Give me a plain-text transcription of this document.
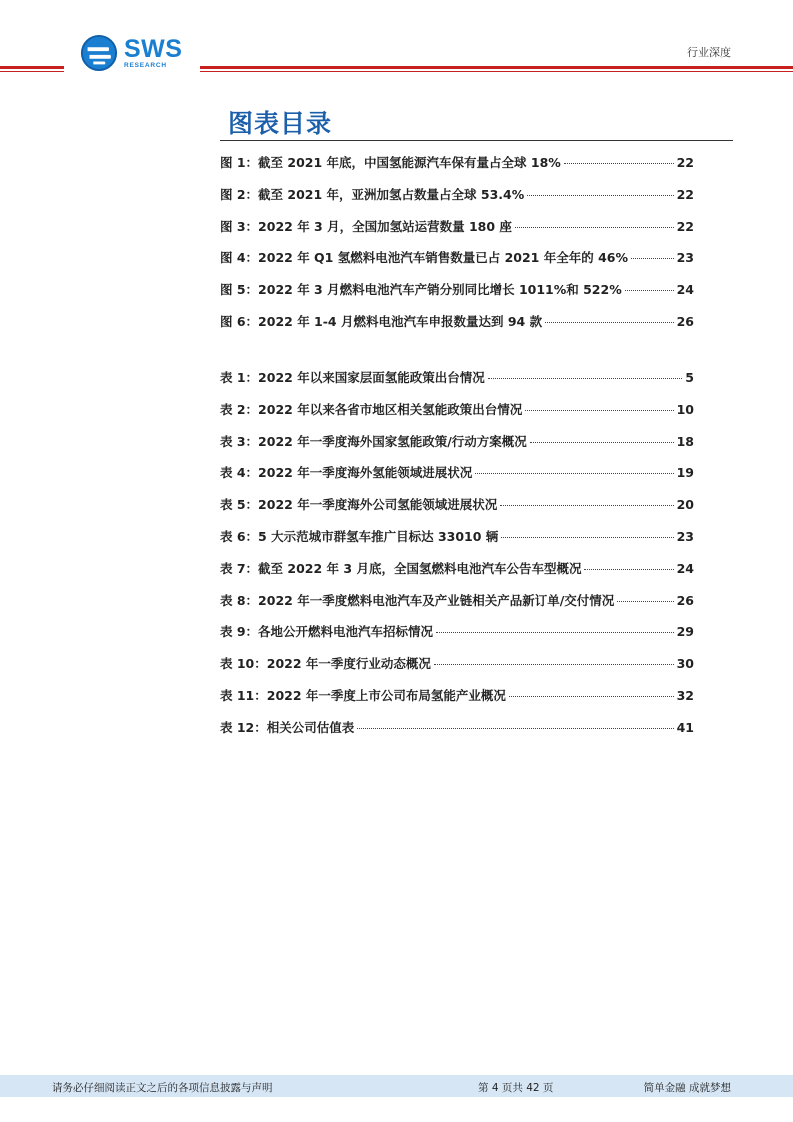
SWS
RESEARCH
行业深度
图表目录
图 1：截至 2021 年底，中国氢能源汽车保有量占全球 18%	22
图 2：截至 2021 年，亚洲加氢占数量占全球 53.4%	22
图 3：2022 年 3 月，全国加氢站运营数量 180 座	22
图 4：2022 年 Q1 氢燃料电池汽车销售数量已占 2021 年全年的 46%	23
图 5：2022 年 3 月燃料电池汽车产销分别同比增长 1011%和 522%	24
图 6：2022 年 1-4 月燃料电池汽车申报数量达到 94 款	26
表 1：2022 年以来国家层面氢能政策出台情况	5
表 2：2022 年以来各省市地区相关氢能政策出台情况	10
表 3：2022 年一季度海外国家氢能政策/行动方案概况	18
表 4：2022 年一季度海外氢能领域进展状况	19
表 5：2022 年一季度海外公司氢能领域进展状况	20
表 6：5 大示范城市群氢车推广目标达 33010 辆	23
表 7：截至 2022 年 3 月底，全国氢燃料电池汽车公告车型概况	24
表 8：2022 年一季度燃料电池汽车及产业链相关产品新订单/交付情况	26
表 9：各地公开燃料电池汽车招标情况	29
表 10：2022 年一季度行业动态概况	30
表 11：2022 年一季度上市公司布局氢能产业概况	32
表 12：相关公司估值表	41
请务必仔细阅读正文之后的各项信息披露与声明	第 4 页共 42 页	简单金融 成就梦想
